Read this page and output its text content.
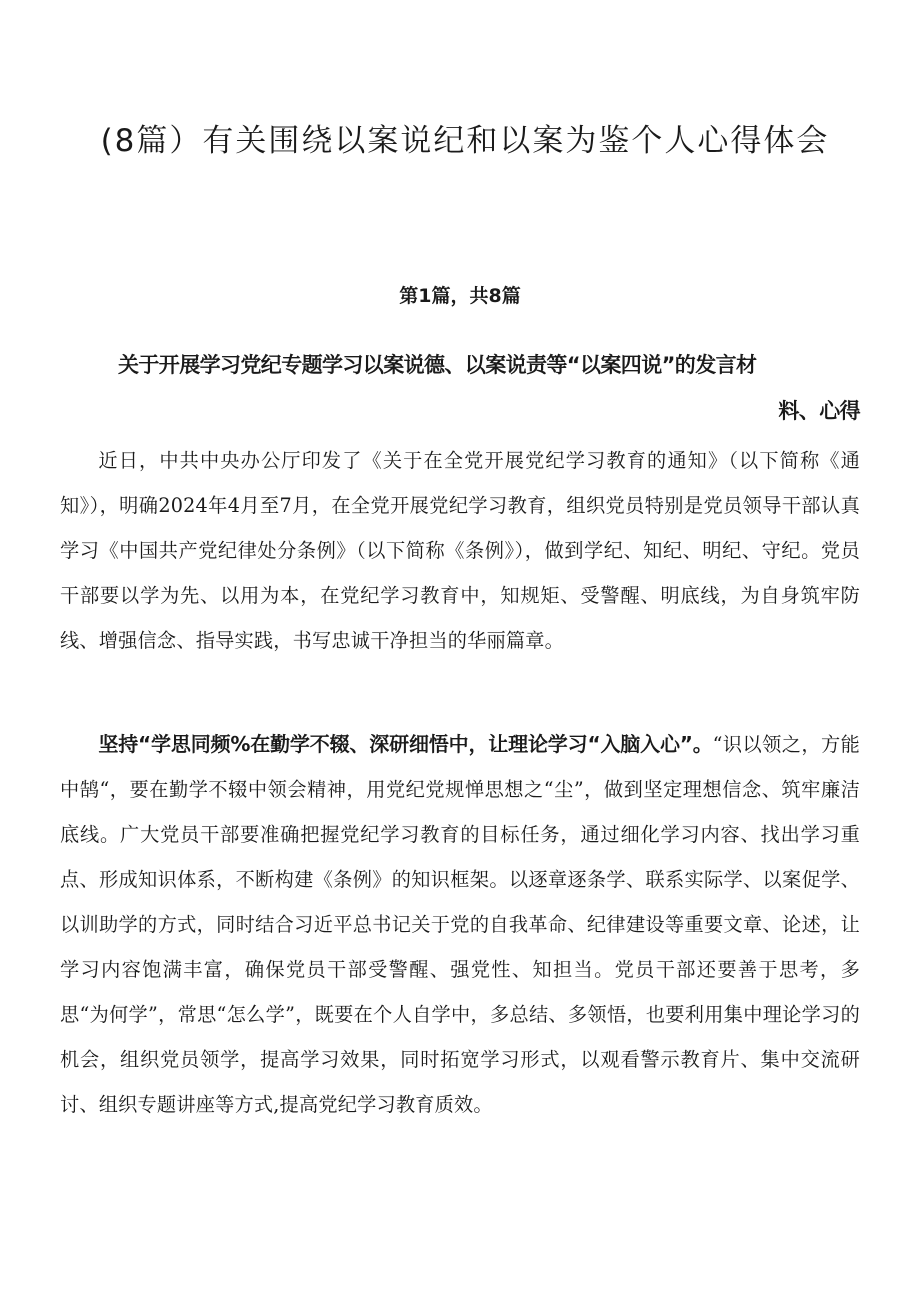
(8篇）有关围绕以案说纪和以案为鉴个人心得体会

第1篇，共8篇

关于开展学习党纪专题学习以案说德、以案说责等“以案四说”的发言材
料、心得

近日，中共中央办公厅印发了《关于在全党开展党纪学习教育的通知》（以下简称《通知》），明确2024年4月至7月，在全党开展党纪学习教育，组织党员特别是党员领导干部认真学习《中国共产党纪律处分条例》（以下简称《条例》），做到学纪、知纪、明纪、守纪。党员干部要以学为先、以用为本，在党纪学习教育中，知规矩、受警醒、明底线，为自身筑牢防线、增强信念、指导实践，书写忠诚干净担当的华丽篇章。

坚持“学思同频%在勤学不辍、深研细悟中，让理论学习“入脑入心”。“识以领之，方能中鹄“，要在勤学不辍中领会精神，用党纪党规惮思想之“尘”，做到坚定理想信念、筑牢廉洁底线。广大党员干部要准确把握党纪学习教育的目标任务，通过细化学习内容、找出学习重点、形成知识体系，不断构建《条例》的知识框架。以逐章逐条学、联系实际学、以案促学、以训助学的方式，同时结合习近平总书记关于党的自我革命、纪律建设等重要文章、论述，让学习内容饱满丰富，确保党员干部受警醒、强党性、知担当。党员干部还要善于思考，多思“为何学”，常思“怎么学”，既要在个人自学中，多总结、多领悟，也要利用集中理论学习的机会，组织党员领学，提高学习效果，同时拓宽学习形式，以观看警示教育片、集中交流研讨、组织专题讲座等方式,提高党纪学习教育质效。
